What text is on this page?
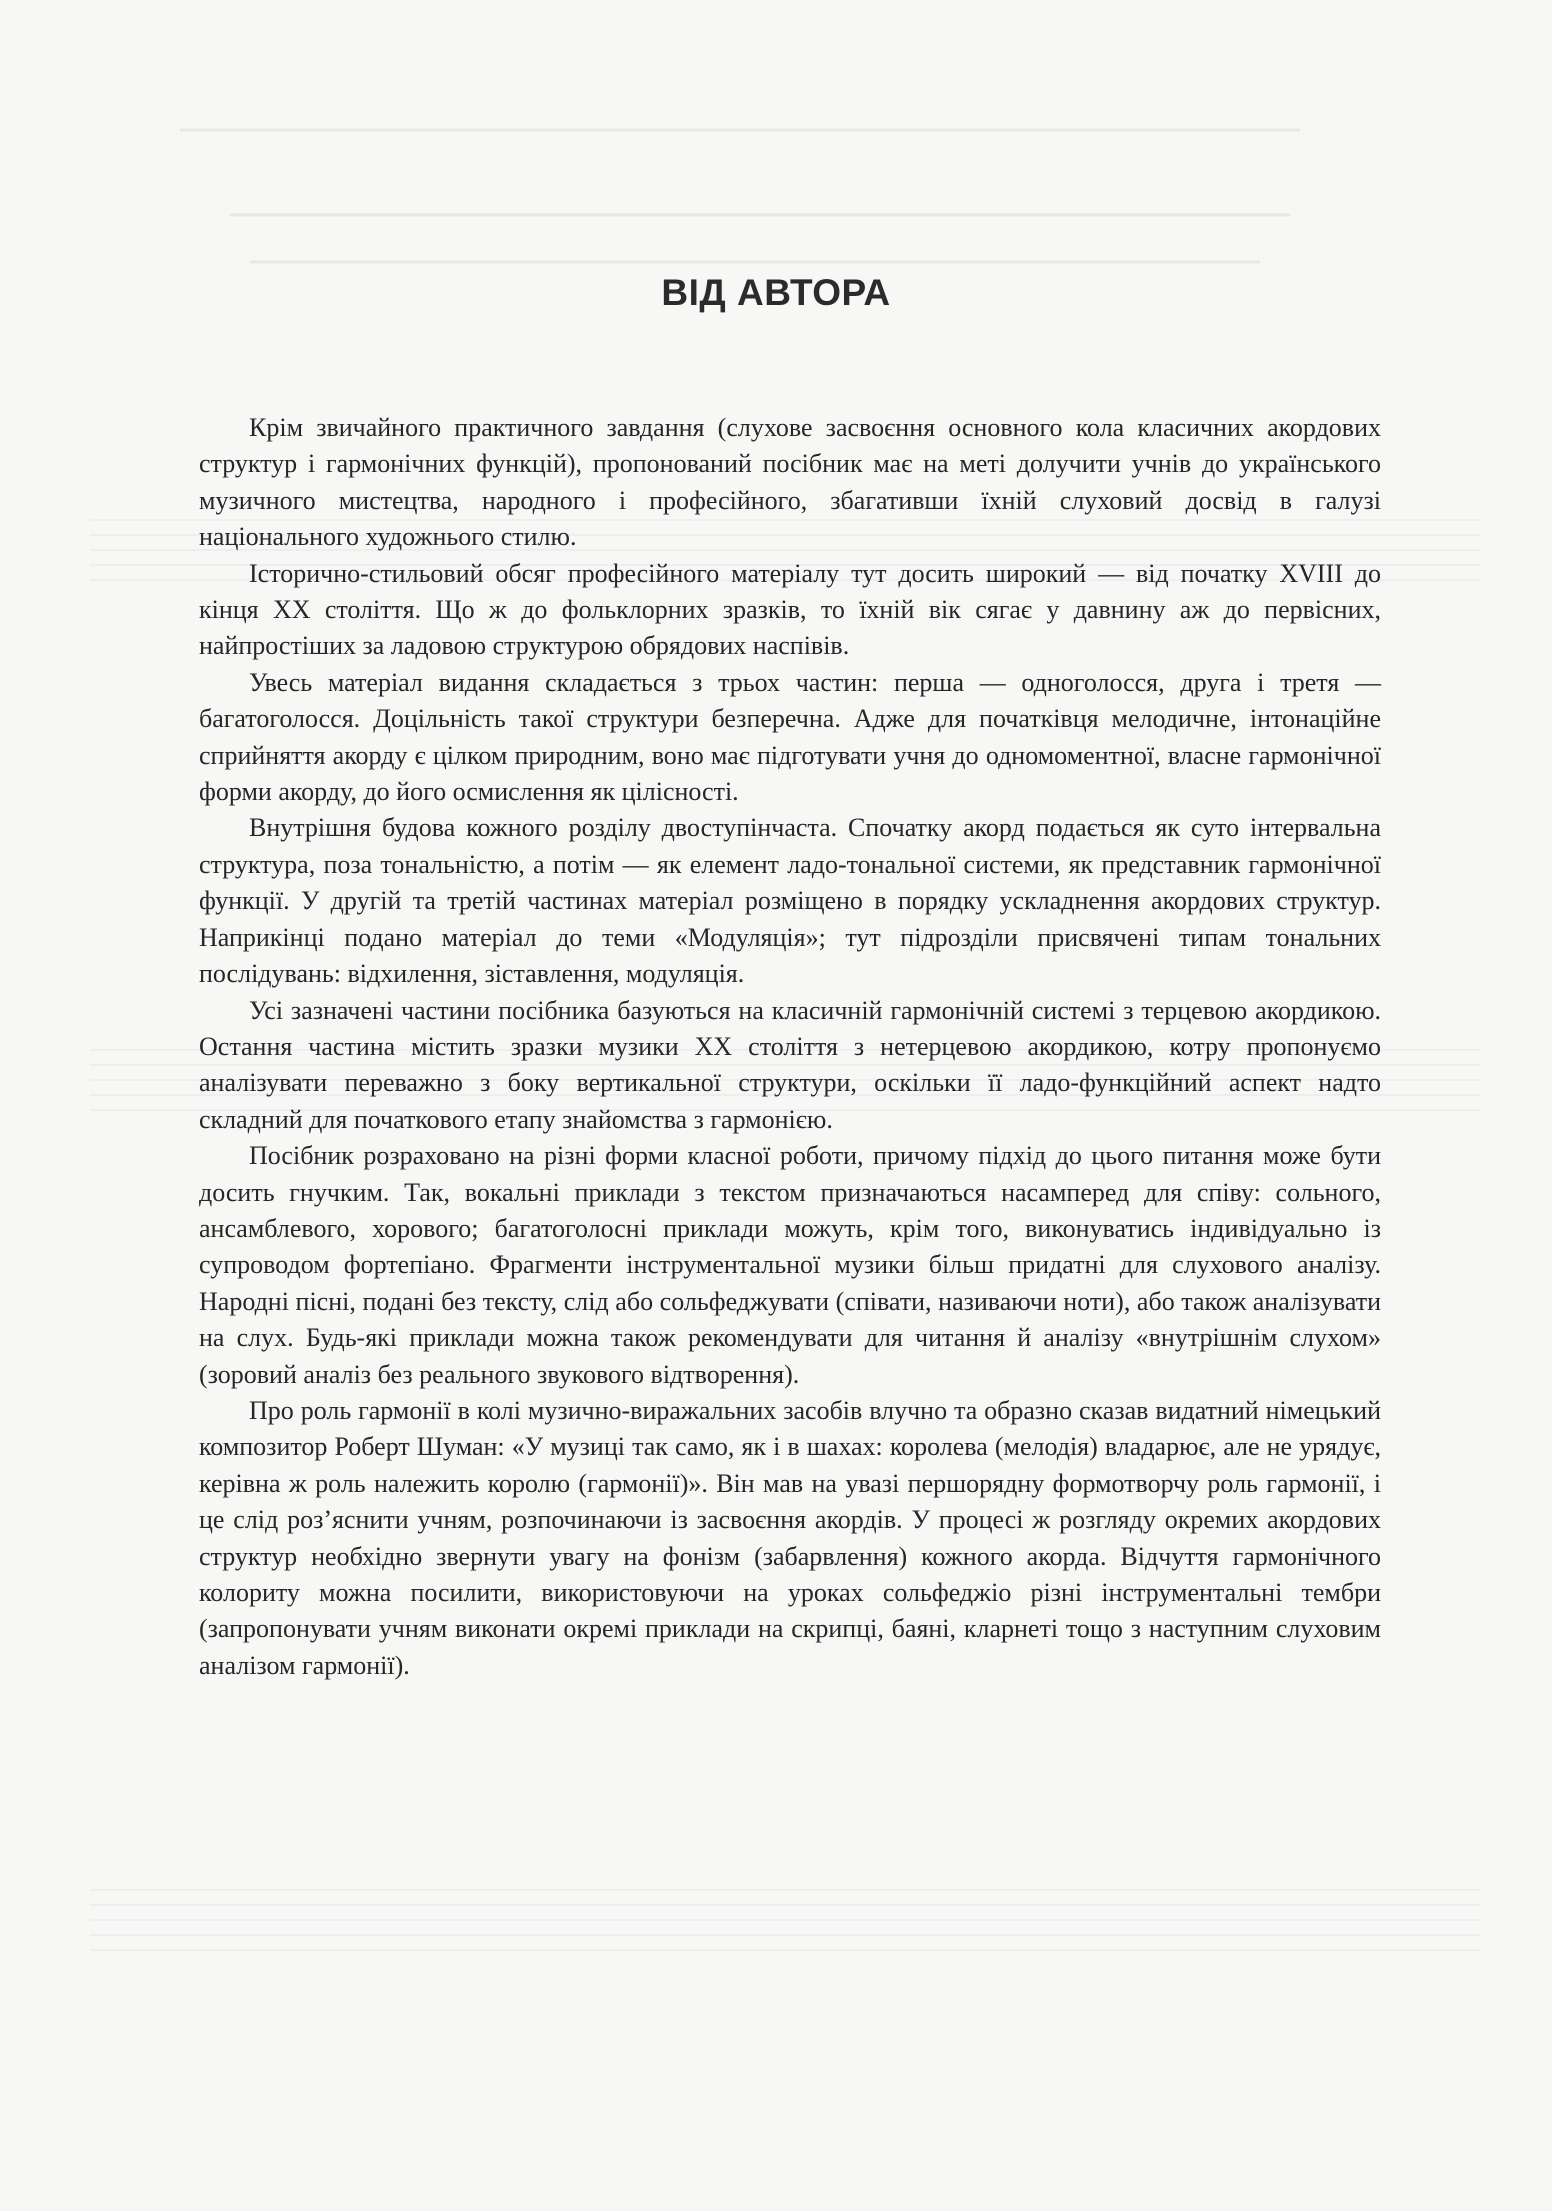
ВІД АВТОРА

Крім звичайного практичного завдання (слухове засвоєння основного кола класичних акордових структур і гармонічних функцій), пропонований посібник має на меті долучити учнів до українського музичного мистецтва, народного і професійного, збагативши їхній слуховий досвід в галузі національного художнього стилю.

Історично-стильовий обсяг професійного матеріалу тут досить широкий — від початку XVIII до кінця XX століття. Що ж до фольклорних зразків, то їхній вік сягає у давнину аж до первісних, найпростіших за ладовою структурою обрядових наспівів.

Увесь матеріал видання складається з трьох частин: перша — одноголосся, друга і третя — багатоголосся. Доцільність такої структури безперечна. Адже для початківця мелодичне, інтонаційне сприйняття акорду є цілком природним, воно має підготувати учня до одномоментної, власне гармонічної форми акорду, до його осмислення як цілісності.

Внутрішня будова кожного розділу двоступінчаста. Спочатку акорд подається як суто інтервальна структура, поза тональністю, а потім — як елемент ладо-тональної системи, як представник гармонічної функції. У другій та третій частинах матеріал розміщено в порядку ускладнення акордових структур. Наприкінці подано матеріал до теми «Модуляція»; тут підрозділи присвячені типам тональних послідувань: відхилення, зіставлення, модуляція.

Усі зазначені частини посібника базуються на класичній гармонічній системі з терцевою акордикою. Остання частина містить зразки музики XX століття з нетерцевою акордикою, котру пропонуємо аналізувати переважно з боку вертикальної структури, оскільки її ладо-функційний аспект надто складний для початкового етапу знайомства з гармонією.

Посібник розраховано на різні форми класної роботи, причому підхід до цього питання може бути досить гнучким. Так, вокальні приклади з текстом призначаються насамперед для співу: сольного, ансамблевого, хорового; багатоголосні приклади можуть, крім того, виконуватись індивідуально із супроводом фортепіано. Фрагменти інструментальної музики більш придатні для слухового аналізу. Народні пісні, подані без тексту, слід або сольфеджувати (співати, називаючи ноти), або також аналізувати на слух. Будь-які приклади можна також рекомендувати для читання й аналізу «внутрішнім слухом» (зоровий аналіз без реального звукового відтворення).

Про роль гармонії в колі музично-виражальних засобів влучно та образно сказав видатний німецький композитор Роберт Шуман: «У музиці так само, як і в шахах: королева (мелодія) владарює, але не урядує, керівна ж роль належить королю (гармонії)». Він мав на увазі першорядну формотворчу роль гармонії, і це слід роз’яснити учням, розпочинаючи із засвоєння акордів. У процесі ж розгляду окремих акордових структур необхідно звернути увагу на фонізм (забарвлення) кожного акорда. Відчуття гармонічного колориту можна посилити, використовуючи на уроках сольфеджіо різні інструментальні тембри (запропонувати учням виконати окремі приклади на скрипці, баяні, кларнеті тощо з наступним слуховим аналізом гармонії).
